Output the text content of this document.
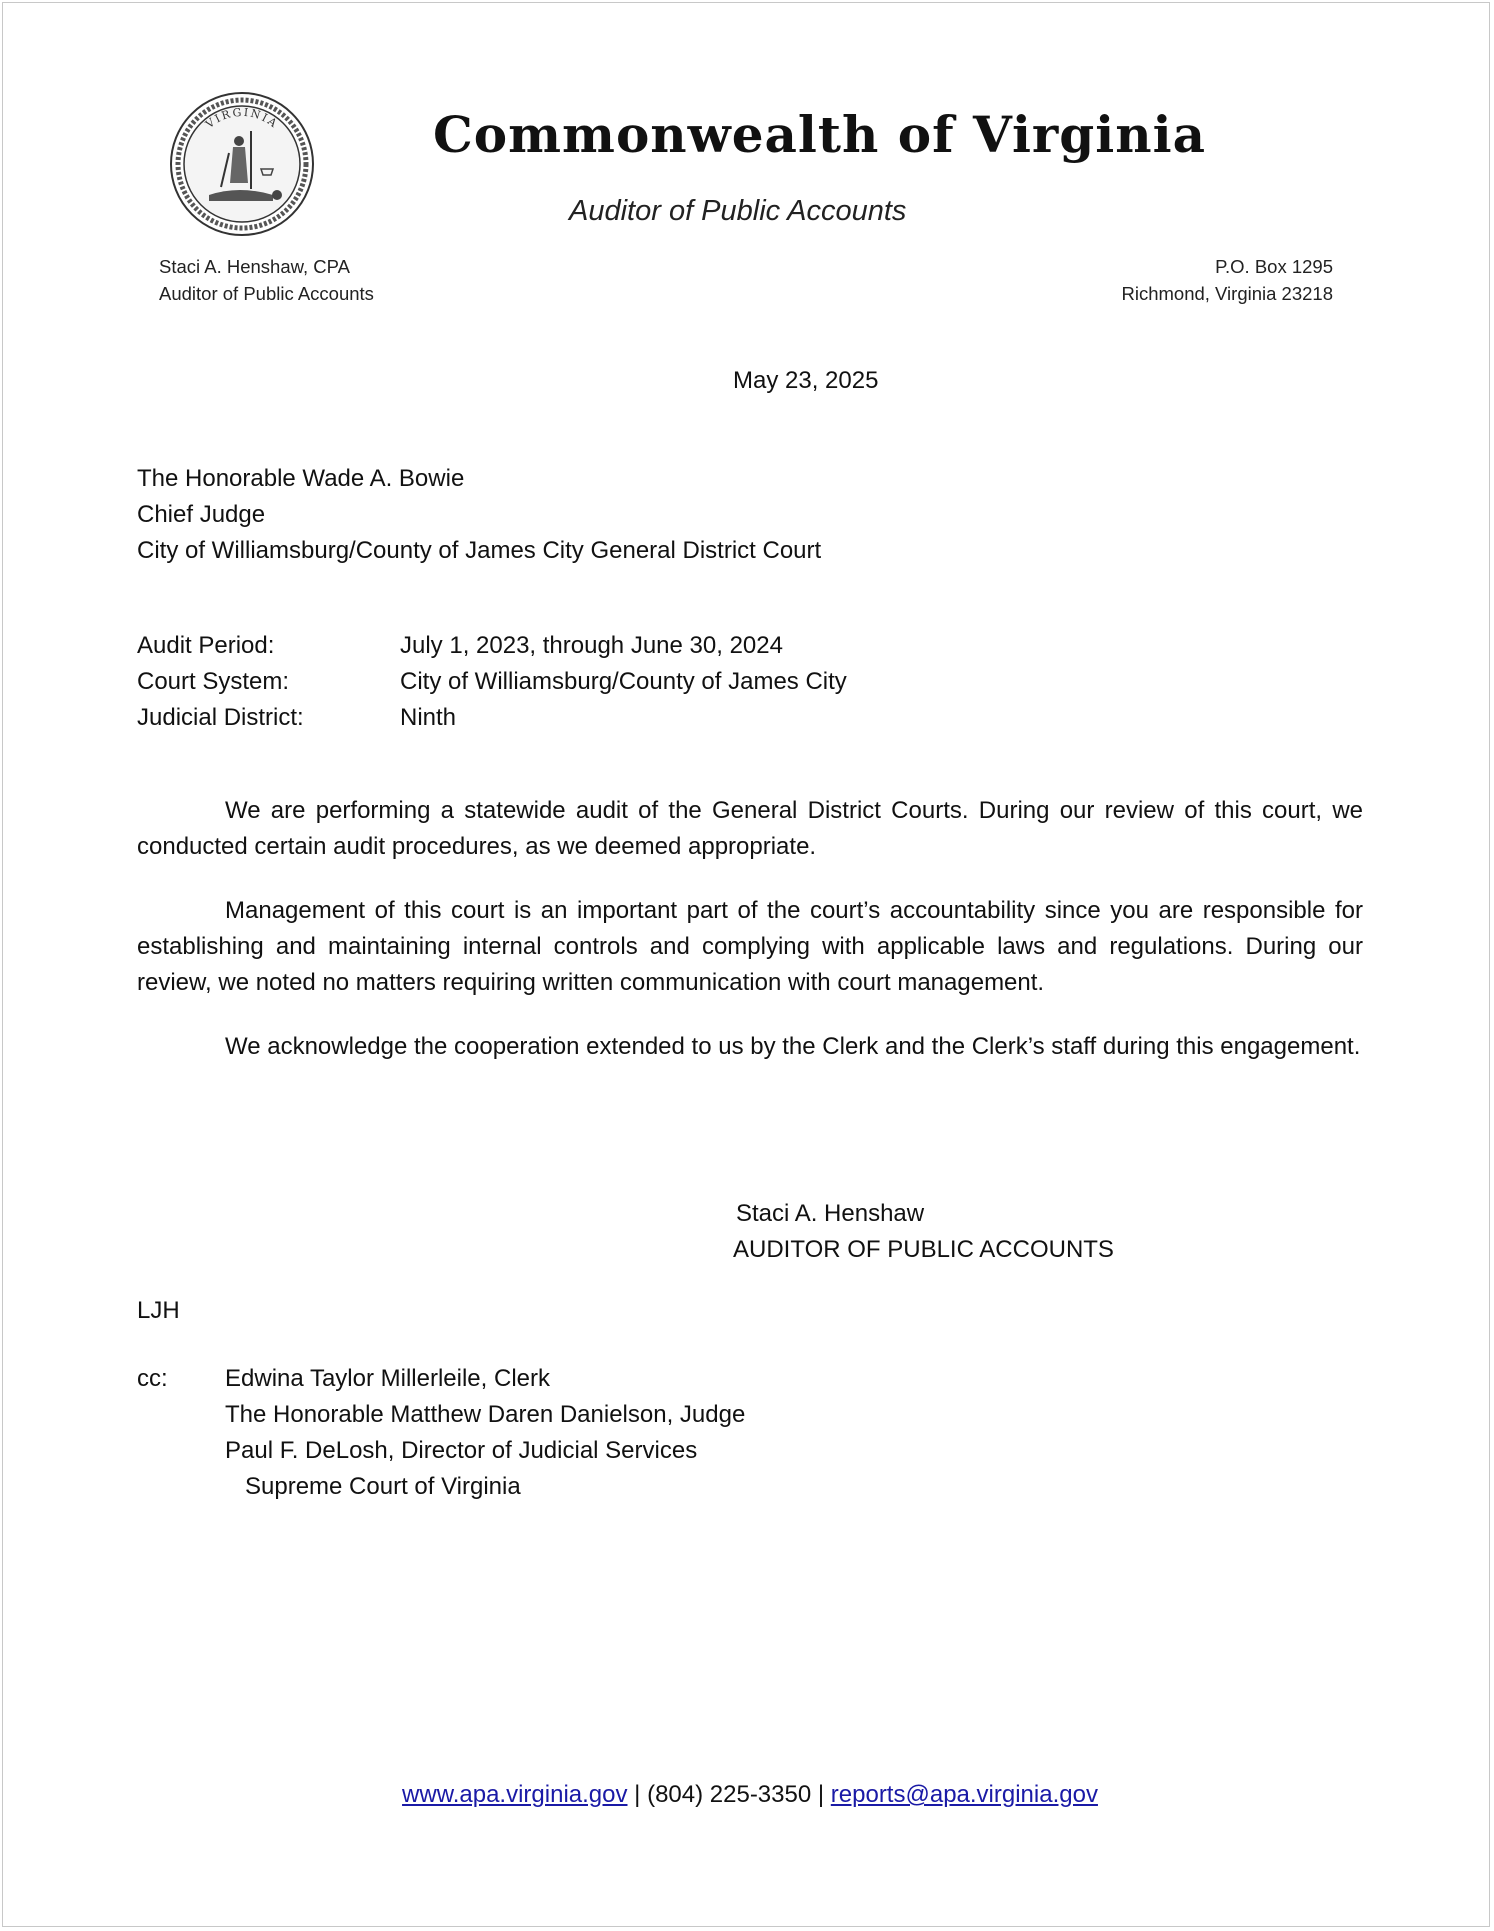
VIRGINIA	Commonwealth of Virginia
Auditor of Public Accounts
Staci A. Henshaw, CPA
Auditor of Public Accounts
P.O. Box 1295
Richmond, Virginia 23218
May 23, 2025
The Honorable Wade A. Bowie
Chief Judge
City of Williamsburg/County of James City General District Court
Audit Period:	July 1, 2023, through June 30, 2024
Court System:	City of Williamsburg/County of James City
Judicial District:	Ninth

We are performing a statewide audit of the General District Courts. During our review of this court, we conducted certain audit procedures, as we deemed appropriate.

Management of this court is an important part of the court’s accountability since you are responsible for establishing and maintaining internal controls and complying with applicable laws and regulations. During our review, we noted no matters requiring written communication with court management.

We acknowledge the cooperation extended to us by the Clerk and the Clerk’s staff during this engagement.

Staci A. Henshaw
AUDITOR OF PUBLIC ACCOUNTS
LJH
cc: Edwina Taylor Millerleile, Clerk
The Honorable Matthew Daren Danielson, Judge
Paul F. DeLosh, Director of Judicial Services
Supreme Court of Virginia
www.apa.virginia.gov | (804) 225-3350 | reports@apa.virginia.gov
